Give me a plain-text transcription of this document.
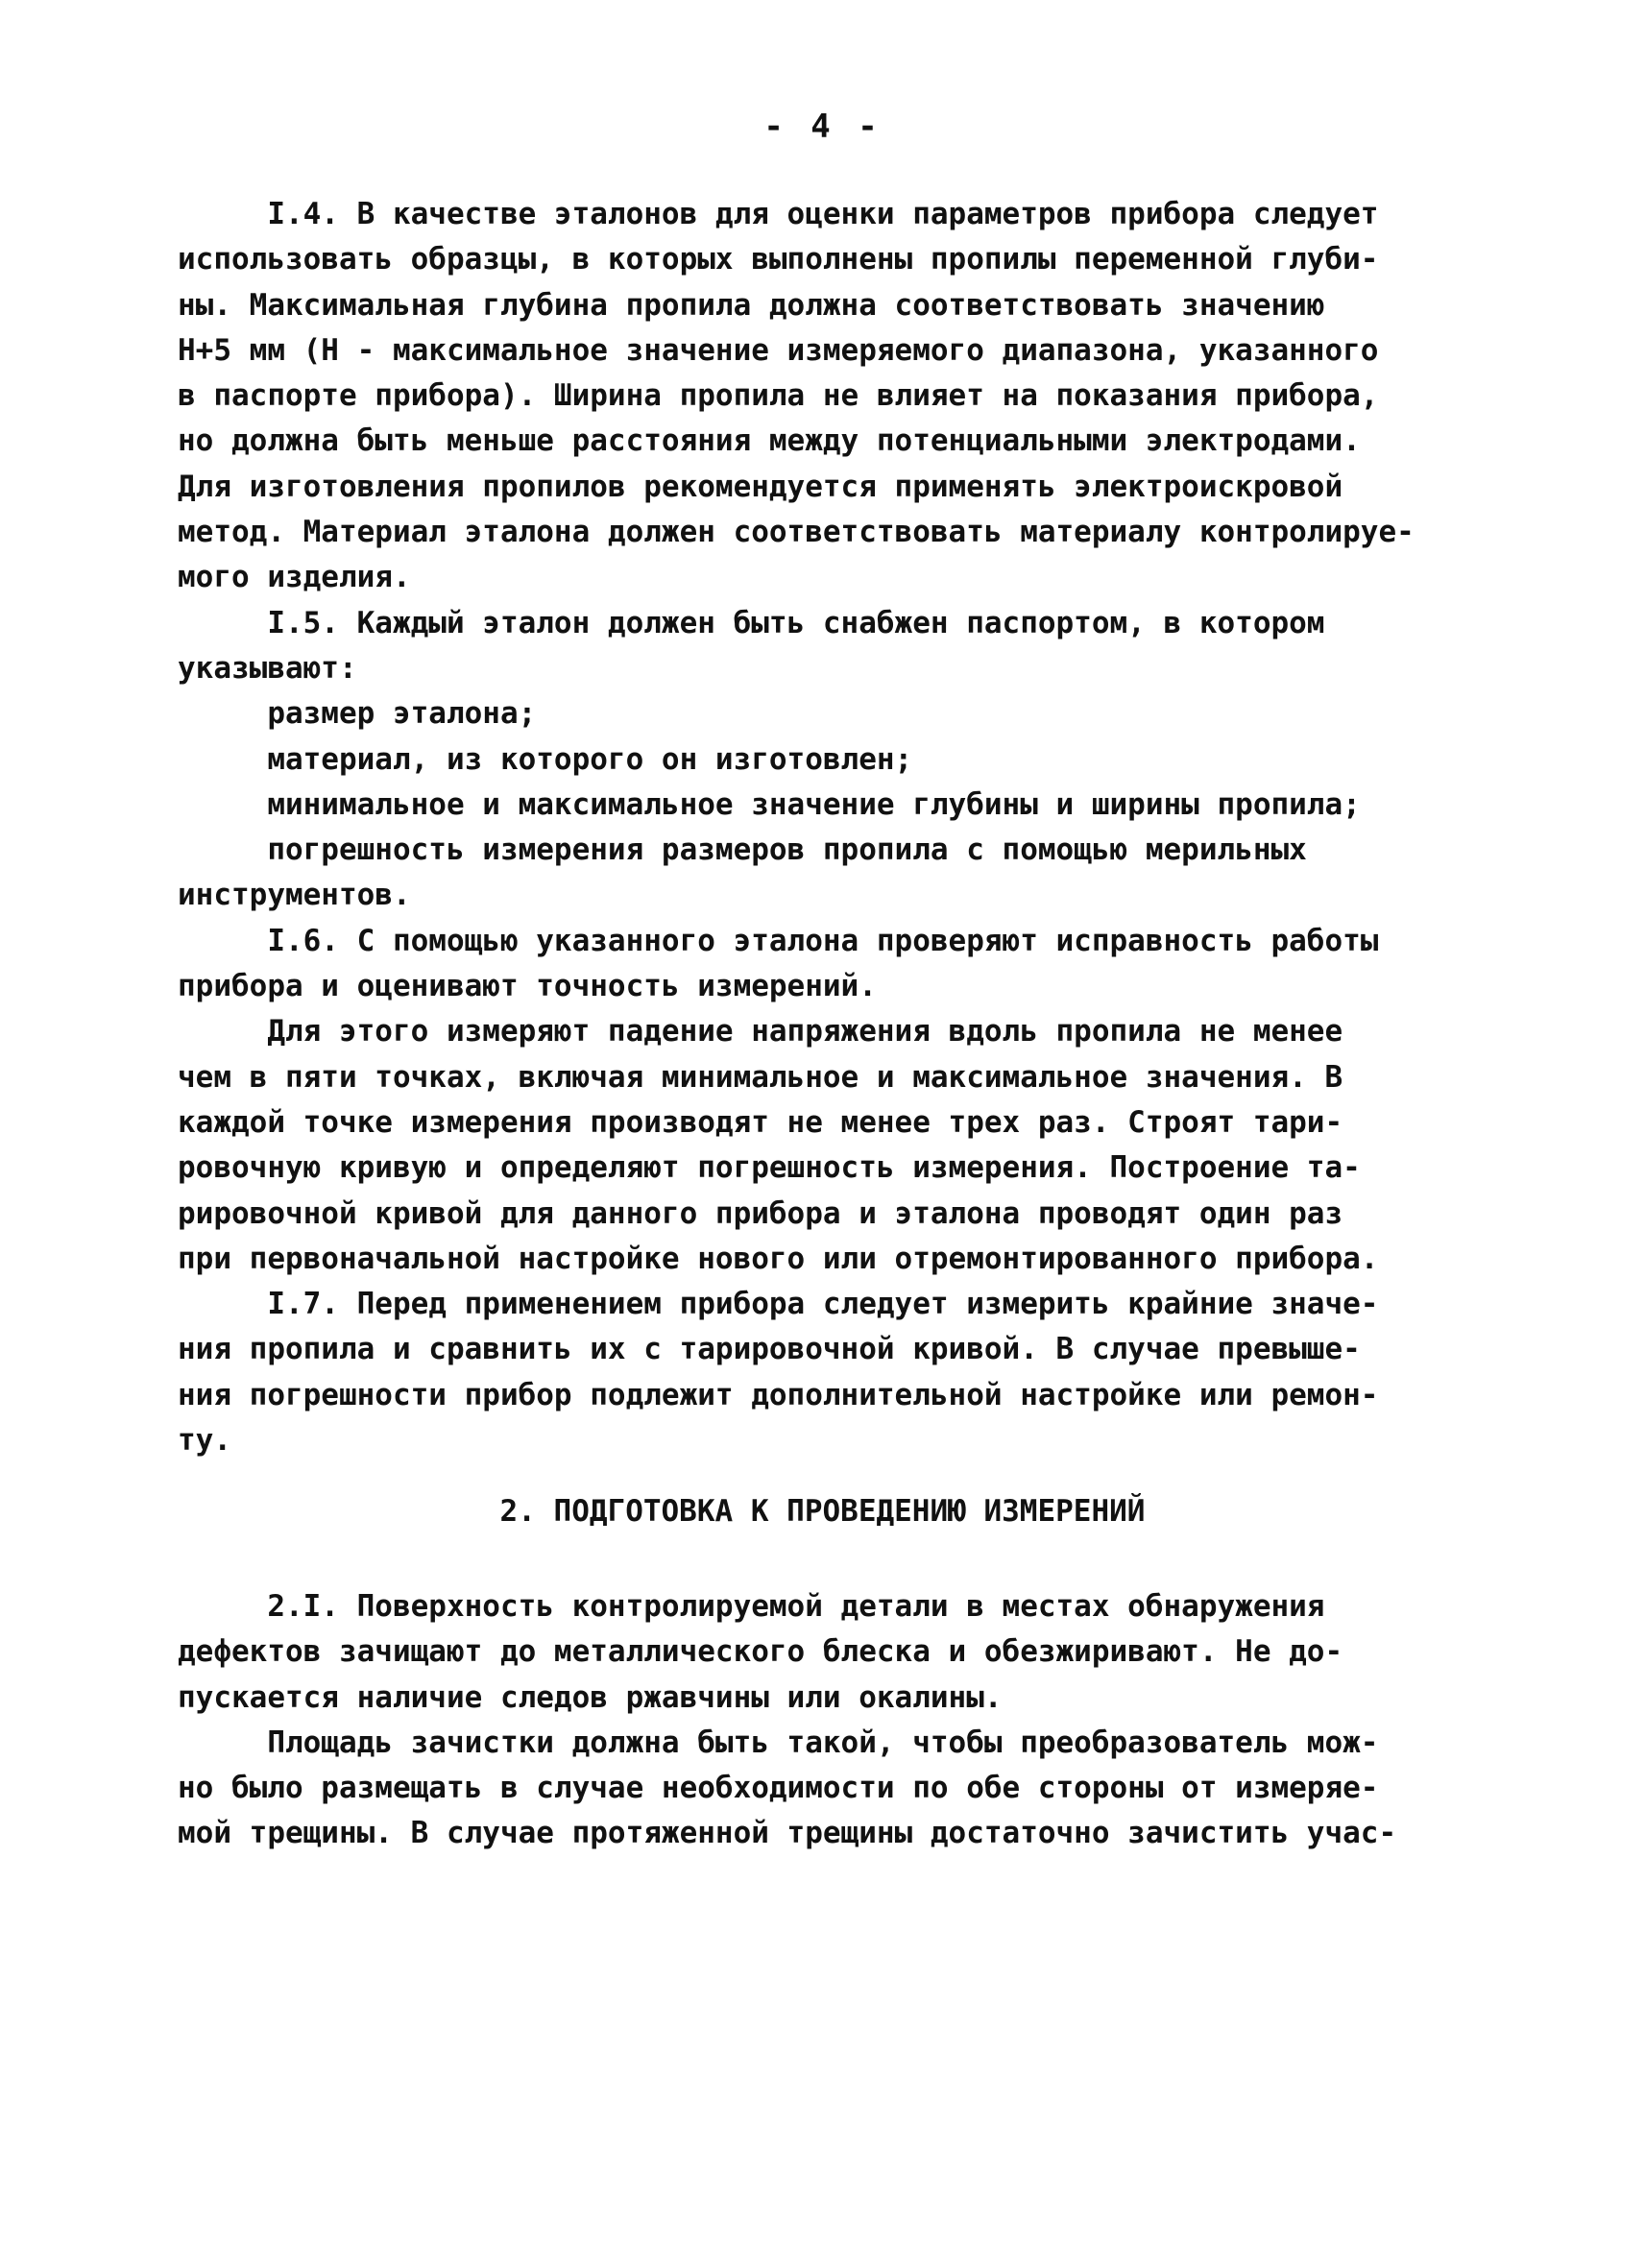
- 4 -
I.4. В качестве эталонов для оценки параметров прибора следует
использовать образцы, в которых выполнены пропилы переменной глуби-
ны. Максимальная глубина пропила должна соответствовать значению
Н+5 мм (Н - максимальное значение измеряемого диапазона, указанного
в паспорте прибора). Ширина пропила не влияет на показания прибора,
но должна быть меньше расстояния между потенциальными электродами.
Для изготовления пропилов рекомендуется применять электроискровой
метод. Материал эталона должен соответствовать материалу контролируе-
мого изделия.
I.5. Каждый эталон должен быть снабжен паспортом, в котором
указывают:
размер эталона;
материал, из которого он изготовлен;
минимальное и максимальное значение глубины и ширины пропила;
погрешность измерения размеров пропила с помощью мерильных
инструментов.
I.6. С помощью указанного эталона проверяют исправность работы
прибора и оценивают точность измерений.
Для этого измеряют падение напряжения вдоль пропила не менее
чем в пяти точках, включая минимальное и максимальное значения. В
каждой точке измерения производят не менее трех раз. Строят тари-
ровочную кривую и определяют погрешность измерения. Построение та-
рировочной кривой для данного прибора и эталона проводят один раз
при первоначальной настройке нового или отремонтированного прибора.
I.7. Перед применением прибора следует измерить крайние значе-
ния пропила и сравнить их с тарировочной кривой. В случае превыше-
ния погрешности прибор подлежит дополнительной настройке или ремон-
ту.
2. ПОДГОТОВКА К ПРОВЕДЕНИЮ ИЗМЕРЕНИЙ
2.I. Поверхность контролируемой детали в местах обнаружения
дефектов зачищают до металлического блеска и обезжиривают. Не до-
пускается наличие следов ржавчины или окалины.
Площадь зачистки должна быть такой, чтобы преобразователь мож-
но было размещать в случае необходимости по обе стороны от измеряе-
мой трещины. В случае протяженной трещины достаточно зачистить учас-
